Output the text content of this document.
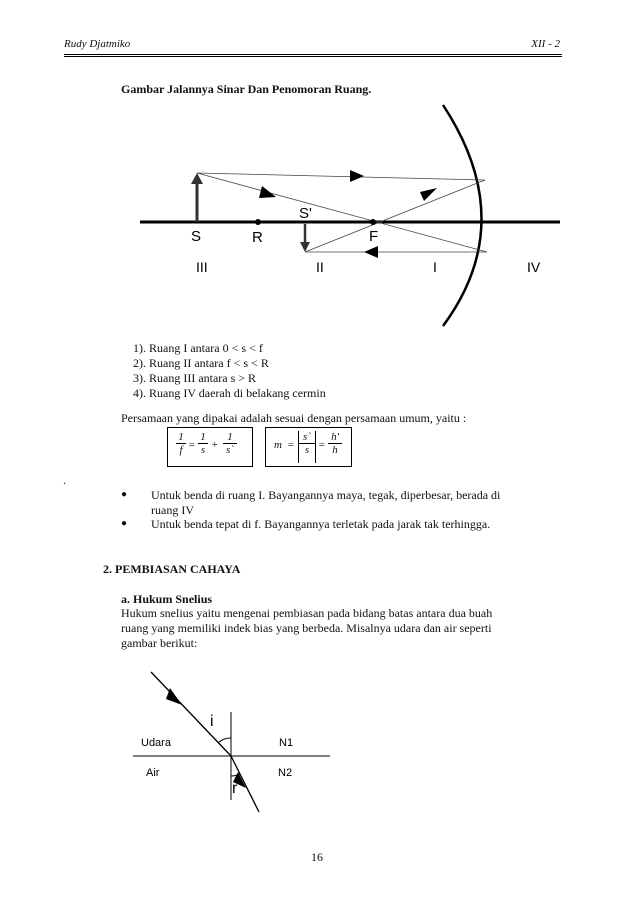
Rudy Djatmiko	XII - 2
Gambar Jalannya Sinar Dan Penomoran Ruang.
S	R	F
S'
III	II	I	IV
1). Ruang I antara 0 < s < f
2). Ruang II antara f < s < R
3). Ruang III antara s > R
4). Ruang IV daerah di belakang cermin
Persamaan yang dipakai adalah sesuai dengan persamaan umum, yaitu :
$\frac{1}{f} = \frac{1}{s} + \frac{1}{s`}$	$m = \frac{s`}{s} = \frac{h'}{h}$
.
● Untuk benda di ruang I. Bayangannya maya, tegak, diperbesar, berada di
ruang IV
● Untuk benda tepat di f. Bayangannya terletak pada jarak tak terhingga.
2. PEMBIASAN CAHAYA
a. Hukum Snelius
Hukum snelius yaitu mengenai pembiasan pada bidang batas antara dua buah
ruang yang memiliki indek bias yang berbeda. Misalnya udara dan air seperti
gambar berikut:
i
r
Udara
Air
N1
N2
16
